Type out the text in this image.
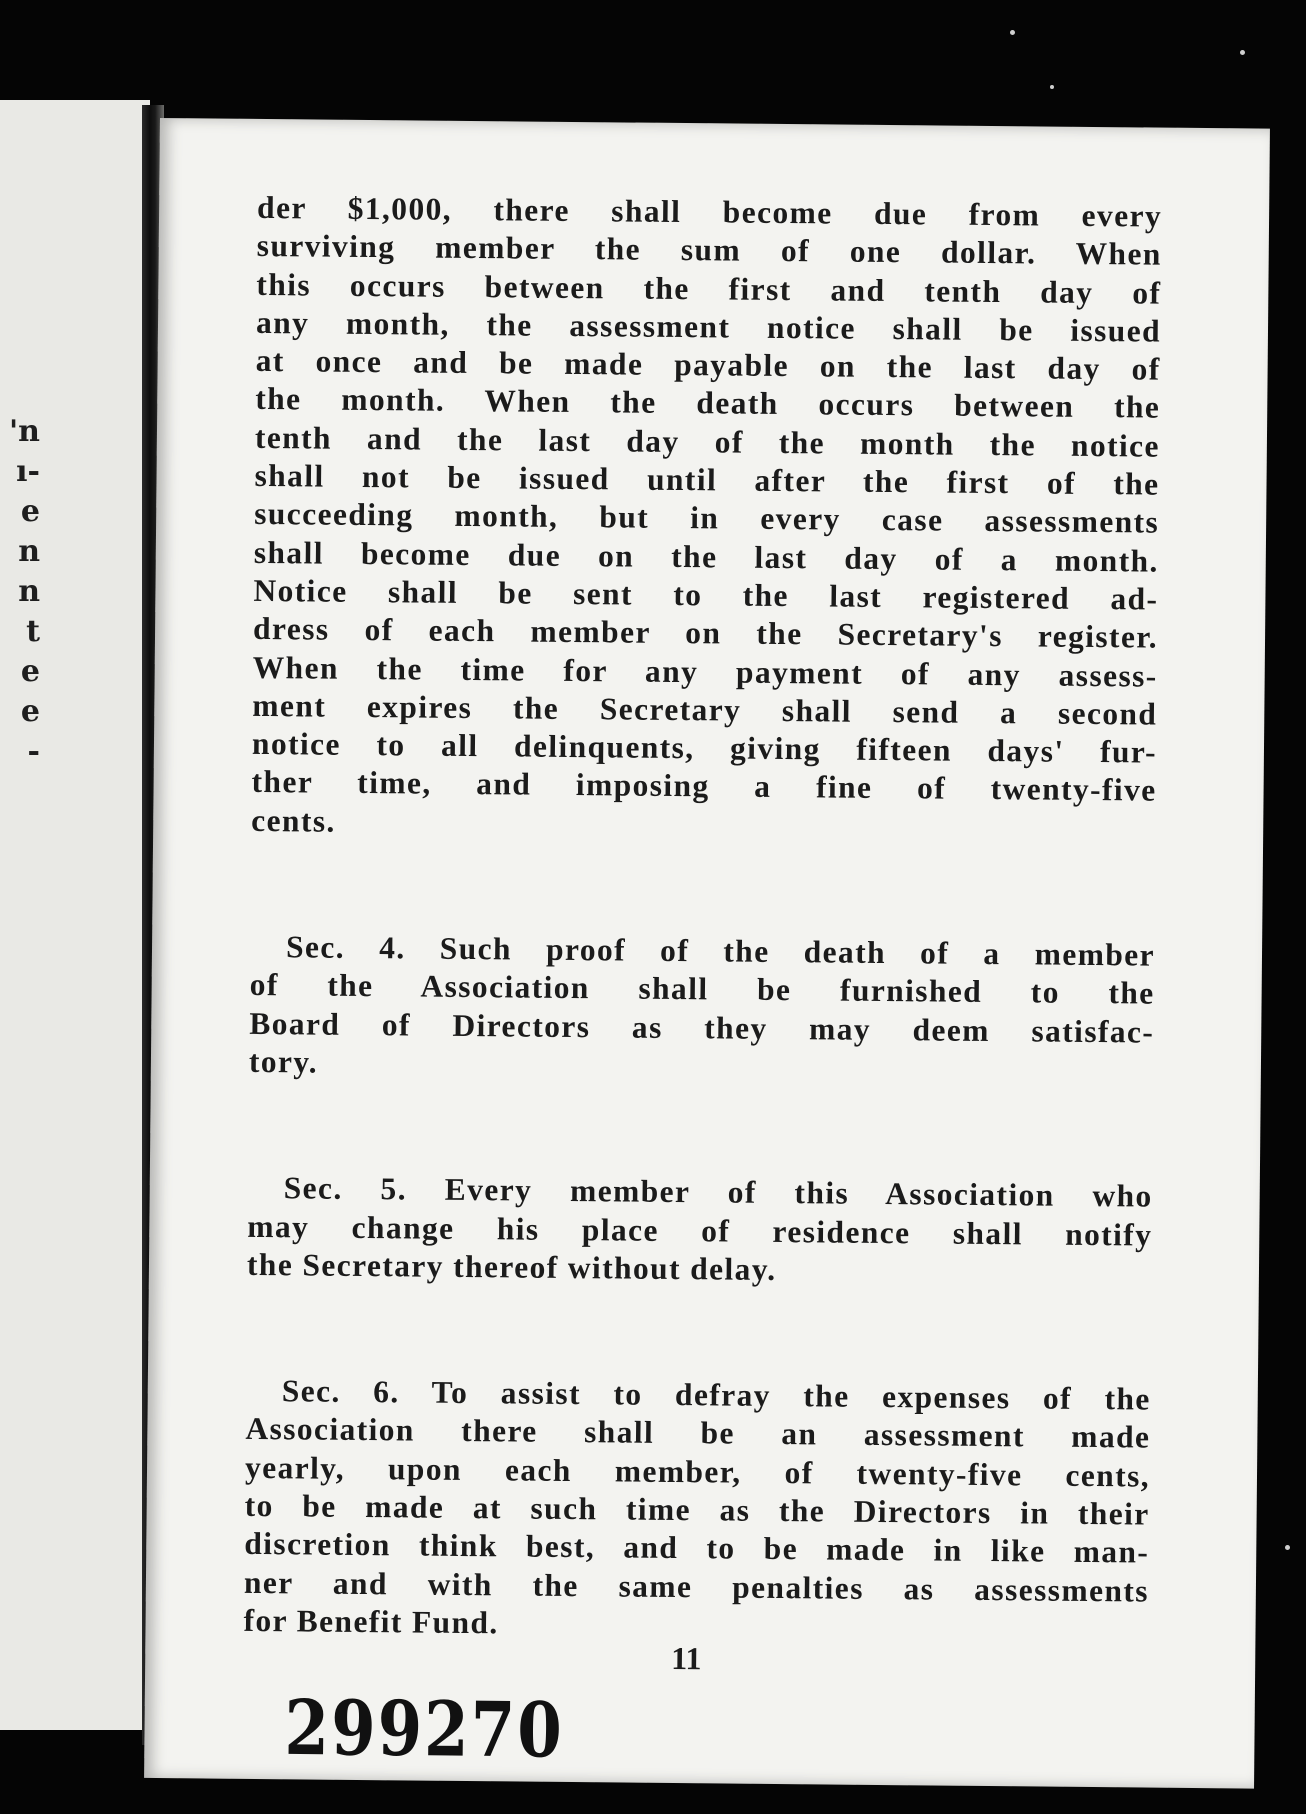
'n
ı-
e
n
n
t
e
e
-

der $1,000, there shall become due from every
surviving member the sum of one dollar. When
this occurs between the first and tenth day of
any month, the assessment notice shall be issued
at once and be made payable on the last day of
the month. When the death occurs between the
tenth and the last day of the month the notice
shall not be issued until after the first of the
succeeding month, but in every case assessments
shall become due on the last day of a month.
Notice shall be sent to the last registered ad-
dress of each member on the Secretary's register.
When the time for any payment of any assess-
ment expires the Secretary shall send a second
notice to all delinquents, giving fifteen days' fur-
ther time, and imposing a fine of twenty-five
cents.

Sec. 4. Such proof of the death of a member
of the Association shall be furnished to the
Board of Directors as they may deem satisfac-
tory.

Sec. 5. Every member of this Association who
may change his place of residence shall notify
the Secretary thereof without delay.

Sec. 6. To assist to defray the expenses of the
Association there shall be an assessment made
yearly, upon each member, of twenty-five cents,
to be made at such time as the Directors in their
discretion think best, and to be made in like man-
ner and with the same penalties as assessments
for Benefit Fund.

11
299270
